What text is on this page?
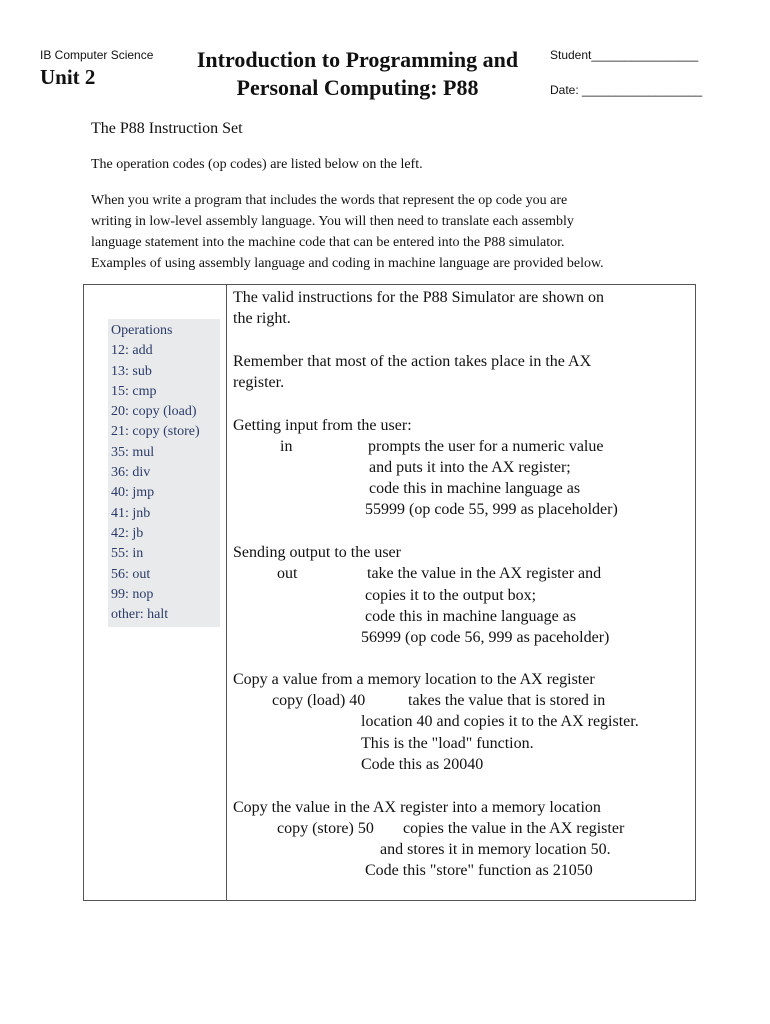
IB Computer Science
Unit 2
Introduction to Programming and Personal Computing: P88
Student________________
Date: __________________
The P88 Instruction Set
The operation codes (op codes) are listed below on the left.
When you write a program that includes the words that represent the op code you are
writing in low-level assembly language. You will then need to translate each assembly
language statement into the machine code that can be entered into the P88 simulator.
Examples of using assembly language and coding in machine language are provided below.
Operations
12: add
13: sub
15: cmp
20: copy (load)
21: copy (store)
35: mul
36: div
40: jmp
41: jnb
42: jb
55: in
56: out
99: nop
other: halt
The valid instructions for the P88 Simulator are shown on
the right.
Remember that most of the action takes place in the AX
register.
Getting input from the user:
in	prompts the user for a numeric value
and puts it into the AX register;
code this in machine language as
55999 (op code 55, 999 as placeholder)
Sending output to the user
out	take the value in the AX register and
copies it to the output box;
code this in machine language as
56999 (op code 56, 999 as paceholder)
Copy a value from a memory location to the AX register
copy (load) 40	takes the value that is stored in
location 40 and copies it to the AX register.
This is the "load" function.
Code this as 20040
Copy the value in the AX register into a memory location
copy (store) 50 copies the value in the AX register
and stores it in memory location 50.
Code this "store" function as 21050
